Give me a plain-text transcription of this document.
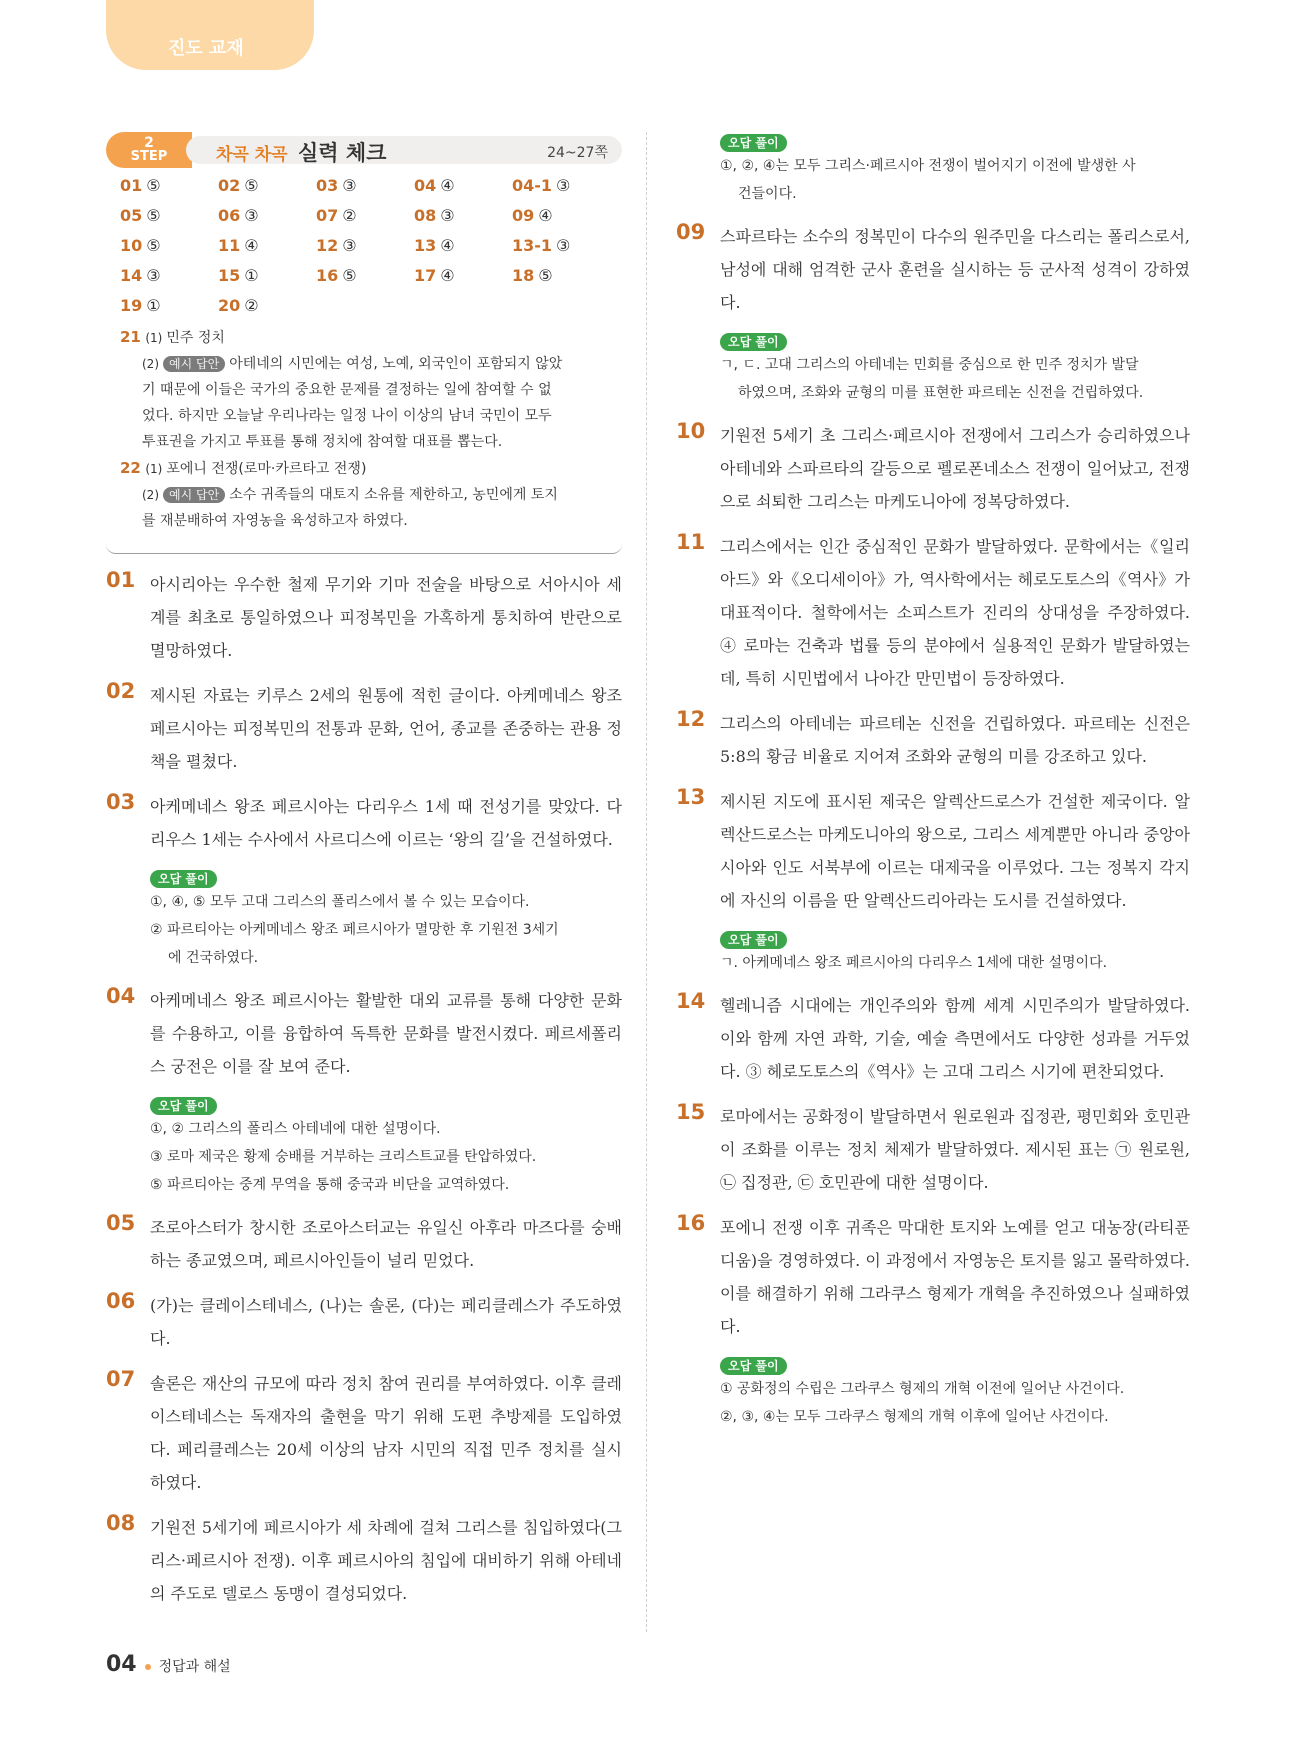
진도 교재
2
STEP	차곡 차곡 실력 체크	24~27쪽
01 ⑤	02 ⑤	03 ③	04 ④	04-1 ③
05 ⑤	06 ③	07 ②	08 ③	09 ④
10 ⑤	11 ④	12 ③	13 ④	13-1 ③
14 ③	15 ①	16 ⑤	17 ④	18 ⑤
19 ①	20 ②
21 (1) 민주 정치
(2) 예시 답안 아테네의 시민에는 여성, 노예, 외국인이 포함되지 않았
기 때문에 이들은 국가의 중요한 문제를 결정하는 일에 참여할 수 없
었다. 하지만 오늘날 우리나라는 일정 나이 이상의 남녀 국민이 모두
투표권을 가지고 투표를 통해 정치에 참여할 대표를 뽑는다.
22 (1) 포에니 전쟁(로마·카르타고 전쟁)
(2) 예시 답안 소수 귀족들의 대토지 소유를 제한하고, 농민에게 토지
를 재분배하여 자영농을 육성하고자 하였다.
01 아시리아는 우수한 철제 무기와 기마 전술을 바탕으로 서아시아 세계를 최초로 통일하였으나 피정복민을 가혹하게 통치하여 반란으로 멸망하였다.
02 제시된 자료는 키루스 2세의 원통에 적힌 글이다. 아케메네스 왕조 페르시아는 피정복민의 전통과 문화, 언어, 종교를 존중하는 관용 정책을 펼쳤다.
03 아케메네스 왕조 페르시아는 다리우스 1세 때 전성기를 맞았다. 다리우스 1세는 수사에서 사르디스에 이르는 ‘왕의 길’을 건설하였다.
오답 풀이
①, ④, ⑤ 모두 고대 그리스의 폴리스에서 볼 수 있는 모습이다.
② 파르티아는 아케메네스 왕조 페르시아가 멸망한 후 기원전 3세기
에 건국하였다.
04 아케메네스 왕조 페르시아는 활발한 대외 교류를 통해 다양한 문화를 수용하고, 이를 융합하여 독특한 문화를 발전시켰다. 페르세폴리스 궁전은 이를 잘 보여 준다.
오답 풀이
①, ② 그리스의 폴리스 아테네에 대한 설명이다.
③ 로마 제국은 황제 숭배를 거부하는 크리스트교를 탄압하였다.
⑤ 파르티아는 중계 무역을 통해 중국과 비단을 교역하였다.
05 조로아스터가 창시한 조로아스터교는 유일신 아후라 마즈다를 숭배하는 종교였으며, 페르시아인들이 널리 믿었다.
06 (가)는 클레이스테네스, (나)는 솔론, (다)는 페리클레스가 주도하였다.
07 솔론은 재산의 규모에 따라 정치 참여 권리를 부여하였다. 이후 클레이스테네스는 독재자의 출현을 막기 위해 도편 추방제를 도입하였다. 페리클레스는 20세 이상의 남자 시민의 직접 민주 정치를 실시하였다.
08 기원전 5세기에 페르시아가 세 차례에 걸쳐 그리스를 침입하였다(그리스·페르시아 전쟁). 이후 페르시아의 침입에 대비하기 위해 아테네의 주도로 델로스 동맹이 결성되었다.
오답 풀이
①, ②, ④는 모두 그리스·페르시아 전쟁이 벌어지기 이전에 발생한 사
건들이다.
09 스파르타는 소수의 정복민이 다수의 원주민을 다스리는 폴리스로서, 남성에 대해 엄격한 군사 훈련을 실시하는 등 군사적 성격이 강하였다.
오답 풀이
ㄱ, ㄷ. 고대 그리스의 아테네는 민회를 중심으로 한 민주 정치가 발달
하였으며, 조화와 균형의 미를 표현한 파르테논 신전을 건립하였다.
10 기원전 5세기 초 그리스·페르시아 전쟁에서 그리스가 승리하였으나 아테네와 스파르타의 갈등으로 펠로폰네소스 전쟁이 일어났고, 전쟁으로 쇠퇴한 그리스는 마케도니아에 정복당하였다.
11 그리스에서는 인간 중심적인 문화가 발달하였다. 문학에서는《일리아드》와《오디세이아》가, 역사학에서는 헤로도토스의《역사》가 대표적이다. 철학에서는 소피스트가 진리의 상대성을 주장하였다. ④ 로마는 건축과 법률 등의 분야에서 실용적인 문화가 발달하였는데, 특히 시민법에서 나아간 만민법이 등장하였다.
12 그리스의 아테네는 파르테논 신전을 건립하였다. 파르테논 신전은 5:8의 황금 비율로 지어져 조화와 균형의 미를 강조하고 있다.
13 제시된 지도에 표시된 제국은 알렉산드로스가 건설한 제국이다. 알렉산드로스는 마케도니아의 왕으로, 그리스 세계뿐만 아니라 중앙아시아와 인도 서북부에 이르는 대제국을 이루었다. 그는 정복지 각지에 자신의 이름을 딴 알렉산드리아라는 도시를 건설하였다.
오답 풀이
ㄱ. 아케메네스 왕조 페르시아의 다리우스 1세에 대한 설명이다.
14 헬레니즘 시대에는 개인주의와 함께 세계 시민주의가 발달하였다. 이와 함께 자연 과학, 기술, 예술 측면에서도 다양한 성과를 거두었다. ③ 헤로도토스의《역사》는 고대 그리스 시기에 편찬되었다.
15 로마에서는 공화정이 발달하면서 원로원과 집정관, 평민회와 호민관이 조화를 이루는 정치 체제가 발달하였다. 제시된 표는 ㉠ 원로원, ㉡ 집정관, ㉢ 호민관에 대한 설명이다.
16 포에니 전쟁 이후 귀족은 막대한 토지와 노예를 얻고 대농장(라티푼디움)을 경영하였다. 이 과정에서 자영농은 토지를 잃고 몰락하였다. 이를 해결하기 위해 그라쿠스 형제가 개혁을 추진하였으나 실패하였다.
오답 풀이
① 공화정의 수립은 그라쿠스 형제의 개혁 이전에 일어난 사건이다.
②, ③, ④는 모두 그라쿠스 형제의 개혁 이후에 일어난 사건이다.
04 정답과 해설
